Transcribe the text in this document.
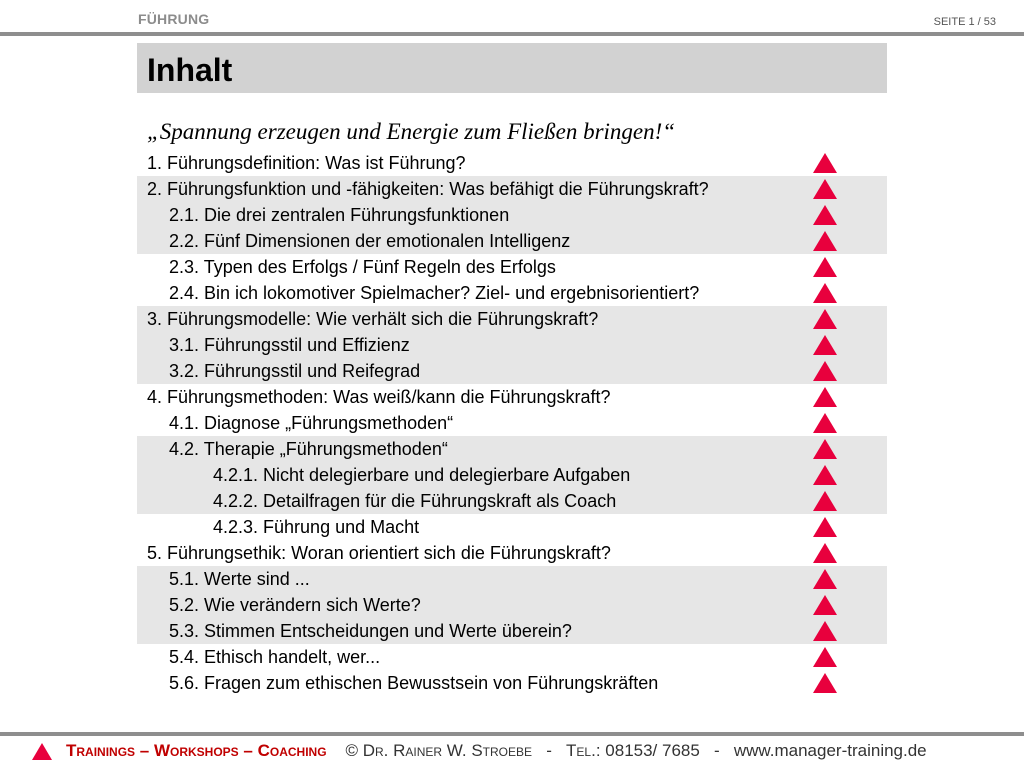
FÜHRUNG	SEITE 1 / 53
Inhalt
„Spannung erzeugen und Energie zum Fließen bringen!“
1. Führungsdefinition: Was ist Führung?
2. Führungsfunktion und -fähigkeiten: Was befähigt die Führungskraft?
2.1. Die drei zentralen Führungsfunktionen
2.2. Fünf Dimensionen der emotionalen Intelligenz
2.3. Typen des Erfolgs / Fünf Regeln des Erfolgs
2.4. Bin ich lokomotiver Spielmacher? Ziel- und ergebnisorientiert?
3. Führungsmodelle: Wie verhält sich die Führungskraft?
3.1. Führungsstil und Effizienz
3.2. Führungsstil und Reifegrad
4. Führungsmethoden: Was weiß/kann die Führungskraft?
4.1. Diagnose „Führungsmethoden“
4.2. Therapie „Führungsmethoden“
4.2.1. Nicht delegierbare und delegierbare Aufgaben
4.2.2. Detailfragen für die Führungskraft als Coach
4.2.3. Führung und Macht
5. Führungsethik: Woran orientiert sich die Führungskraft?
5.1. Werte sind ...
5.2. Wie verändern sich Werte?
5.3. Stimmen Entscheidungen und Werte überein?
5.4. Ethisch handelt, wer...
5.6. Fragen zum ethischen Bewusstsein von Führungskräften
Trainings – Workshops – Coaching © Dr. Rainer W. Stroebe - Tel.: 08153/ 7685 - www.manager-training.de
